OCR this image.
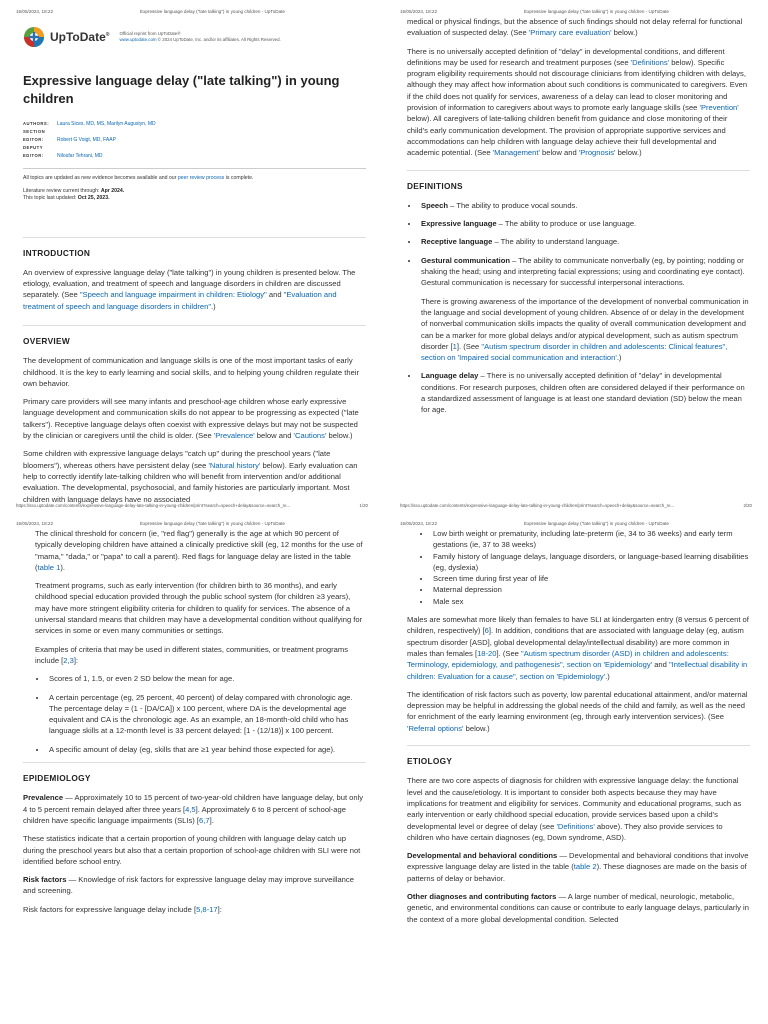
15/05/2024, 18:22	Expressive language delay ("late talking") in young children - UpToDate
UpToDate® Official reprint from UpToDate®
www.uptodate.com © 2024 UpToDate, Inc. and/or its affiliates. All Rights Reserved.
Expressive language delay ("late talking") in young children
AUTHORS: Laura Sices, MD, MS, Marilyn Augustyn, MD
SECTION EDITOR:	Robert G Voigt, MD, FAAP
DEPUTY EDITOR:	Niloufar Tehrani, MD
All topics are updated as new evidence becomes available and our peer review process is complete.
Literature review current through: Apr 2024.
This topic last updated: Oct 25, 2023.
INTRODUCTION

An overview of expressive language delay ("late talking") in young children is presented below. The etiology, evaluation, and treatment of speech and language disorders in children are discussed separately. (See "Speech and language impairment in children: Etiology" and "Evaluation and treatment of speech and language disorders in children".)

OVERVIEW

The development of communication and language skills is one of the most important tasks of early childhood. It is the key to early learning and social skills, and to helping young children regulate their own behavior.

Primary care providers will see many infants and preschool-age children whose early expressive language development and communication skills do not appear to be progressing as expected ("late talkers"). Receptive language delays often coexist with expressive delays but may not be suspected by the clinician or caregivers until the child is older. (See 'Prevalence' below and 'Cautions' below.)

Some children with expressive language delays "catch up" during the preschool years ("late bloomers"), whereas others have persistent delay (see 'Natural history' below). Early evaluation can help to correctly identify late-talking children who will benefit from intervention and/or additional evaluation. The developmental, psychosocial, and family histories are particularly important. Most children with language delays have no associated

https://sso.uptodate.com/contents/expressive-language-delay-late-talking-in-young-children/print?search=speech+delay&source=search_re...	1/20
15/05/2024, 18:22	Expressive language delay ("late talking") in young children - UpToDate

medical or physical findings, but the absence of such findings should not delay referral for functional evaluation of suspected delay. (See 'Primary care evaluation' below.)

There is no universally accepted definition of "delay" in developmental conditions, and different definitions may be used for research and treatment purposes (see 'Definitions' below). Specific program eligibility requirements should not discourage clinicians from identifying children with delays, although they may affect how information about such conditions is communicated to caregivers. Even if the child does not qualify for services, awareness of a delay can lead to closer monitoring and provision of information to caregivers about ways to promote early language skills (see 'Prevention' below). All caregivers of late-talking children benefit from guidance and close monitoring of their child's early communication development. The provision of appropriate supportive services and accommodations can help children with language delay achieve their full developmental and academic potential. (See 'Management' below and 'Prognosis' below.)

DEFINITIONS
• Speech – The ability to produce vocal sounds.
• Expressive language – The ability to produce or use language.
• Receptive language – The ability to understand language.
• Gestural communication – The ability to communicate nonverbally (eg, by pointing; nodding or shaking the head; using and interpreting facial expressions; using and coordinating eye contact). Gestural communication is necessary for successful interpersonal interactions.

There is growing awareness of the importance of the development of nonverbal communication in the language and social development of young children. Absence of or delay in the development of nonverbal communication skills impacts the quality of overall communication development and can be a marker for more global delays and/or atypical development, such as autism spectrum disorder [1]. (See "Autism spectrum disorder in children and adolescents: Clinical features", section on 'Impaired social communication and interaction'.)

• Language delay – There is no universally accepted definition of "delay" in developmental conditions. For research purposes, children often are considered delayed if their performance on a standardized assessment of language is at least one standard deviation (SD) below the mean for age.
https://sso.uptodate.com/contents/expressive-language-delay-late-talking-in-young-children/print?search=speech+delay&source=search_re...	2/20
15/05/2024, 18:22	Expressive language delay ("late talking") in young children - UpToDate

The clinical threshold for concern (ie, "red flag") generally is the age at which 90 percent of typically developing children have attained a clinically predictive skill (eg, 12 months for the use of "mama," "dada," or "papa" to call a parent). Red flags for language delay are listed in the table (table 1).

Treatment programs, such as early intervention (for children birth to 36 months), and early childhood special education provided through the public school system (for children ≥3 years), may have more stringent eligibility criteria for children to qualify for services. The absence of a universal standard means that children may have a developmental condition without qualifying for services in some or even many communities or settings.

Examples of criteria that may be used in different states, communities, or treatment programs include [2,3]:

• Scores of 1, 1.5, or even 2 SD below the mean for age.
• A certain percentage (eg, 25 percent, 40 percent) of delay compared with chronologic age. The percentage delay = (1 - [DA/CA]) x 100 percent, where DA is the developmental age equivalent and CA is the chronologic age. As an example, an 18-month-old child who has language skills at a 12-month level is 33 percent delayed: [1 - (12/18)] x 100 percent.
• A specific amount of delay (eg, skills that are ≥1 year behind those expected for age).
EPIDEMIOLOGY

Prevalence — Approximately 10 to 15 percent of two-year-old children have language delay, but only 4 to 5 percent remain delayed after three years [4,5]. Approximately 6 to 8 percent of school-age children have specific language impairments (SLIs) [6,7].

These statistics indicate that a certain proportion of young children with language delay catch up during the preschool years but also that a certain proportion of school-age children with SLI were not identified before school entry.

Risk factors — Knowledge of risk factors for expressive language delay may improve surveillance and screening.

Risk factors for expressive language delay include [5,8-17]:

15/05/2024, 18:22	Expressive language delay ("late talking") in young children - UpToDate
• Low birth weight or prematurity, including late-preterm (ie, 34 to 36 weeks) and early term gestations (ie, 37 to 38 weeks)
• Family history of language delays, language disorders, or language-based learning disabilities (eg, dyslexia)
• Screen time during first year of life
• Maternal depression
• Male sex

Males are somewhat more likely than females to have SLI at kindergarten entry (8 versus 6 percent of children, respectively) [6]. In addition, conditions that are associated with language delay (eg, autism spectrum disorder [ASD], global developmental delay/intellectual disability) are more common in males than females [18-20]. (See "Autism spectrum disorder (ASD) in children and adolescents: Terminology, epidemiology, and pathogenesis", section on 'Epidemiology' and "Intellectual disability in children: Evaluation for a cause", section on 'Epidemiology'.)

The identification of risk factors such as poverty, low parental educational attainment, and/or maternal depression may be helpful in addressing the global needs of the child and family, as well as the need for enrichment of the early learning environment (eg, through early intervention services). (See 'Referral options' below.)

ETIOLOGY

There are two core aspects of diagnosis for children with expressive language delay: the functional level and the cause/etiology. It is important to consider both aspects because they may have implications for treatment and eligibility for services. Community and educational programs, such as early intervention or early childhood special education, provide services based upon a child's developmental level or degree of delay (see 'Definitions' above). They also provide services to children who have certain diagnoses (eg, Down syndrome, ASD).

Developmental and behavioral conditions — Developmental and behavioral conditions that involve expressive language delay are listed in the table (table 2). These diagnoses are made on the basis of patterns of delay or behavior.

Other diagnoses and contributing factors — A large number of medical, neurologic, metabolic, genetic, and environmental conditions can cause or contribute to early language delays, particularly in the context of a more global developmental condition. Selected
